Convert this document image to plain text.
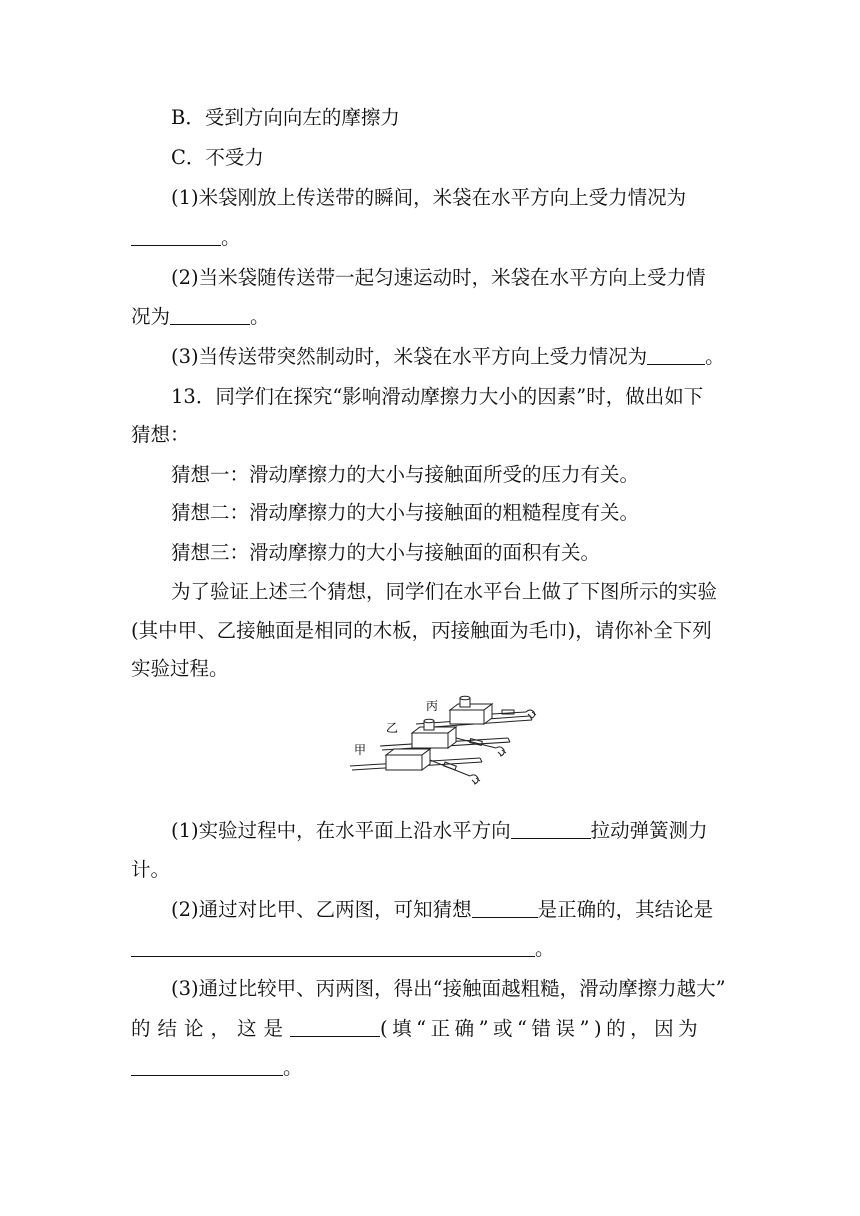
B．受到方向向左的摩擦力
C．不受力
(1)米袋刚放上传送带的瞬间，米袋在水平方向上受力情况为
。
(2)当米袋随传送带一起匀速运动时，米袋在水平方向上受力情
况为	。
(3)当传送带突然制动时，米袋在水平方向上受力情况为	。
13．同学们在探究“影响滑动摩擦力大小的因素”时，做出如下
猜想：
猜想一：滑动摩擦力的大小与接触面所受的压力有关。
猜想二：滑动摩擦力的大小与接触面的粗糙程度有关。
猜想三：滑动摩擦力的大小与接触面的面积有关。
为了验证上述三个猜想，同学们在水平台上做了下图所示的实验
(其中甲、乙接触面是相同的木板，丙接触面为毛巾)，请你补全下列
实验过程。
甲
乙
丙
(1)实验过程中，在水平面上沿水平方向	拉动弹簧测力
计。
(2)通过对比甲、乙两图，可知猜想	是正确的，其结论是
。
(3)通过比较甲、丙两图，得出“接触面越粗糙，滑动摩擦力越大”
的结论，这是	(填“正确”或“错误”)的，因为
。
